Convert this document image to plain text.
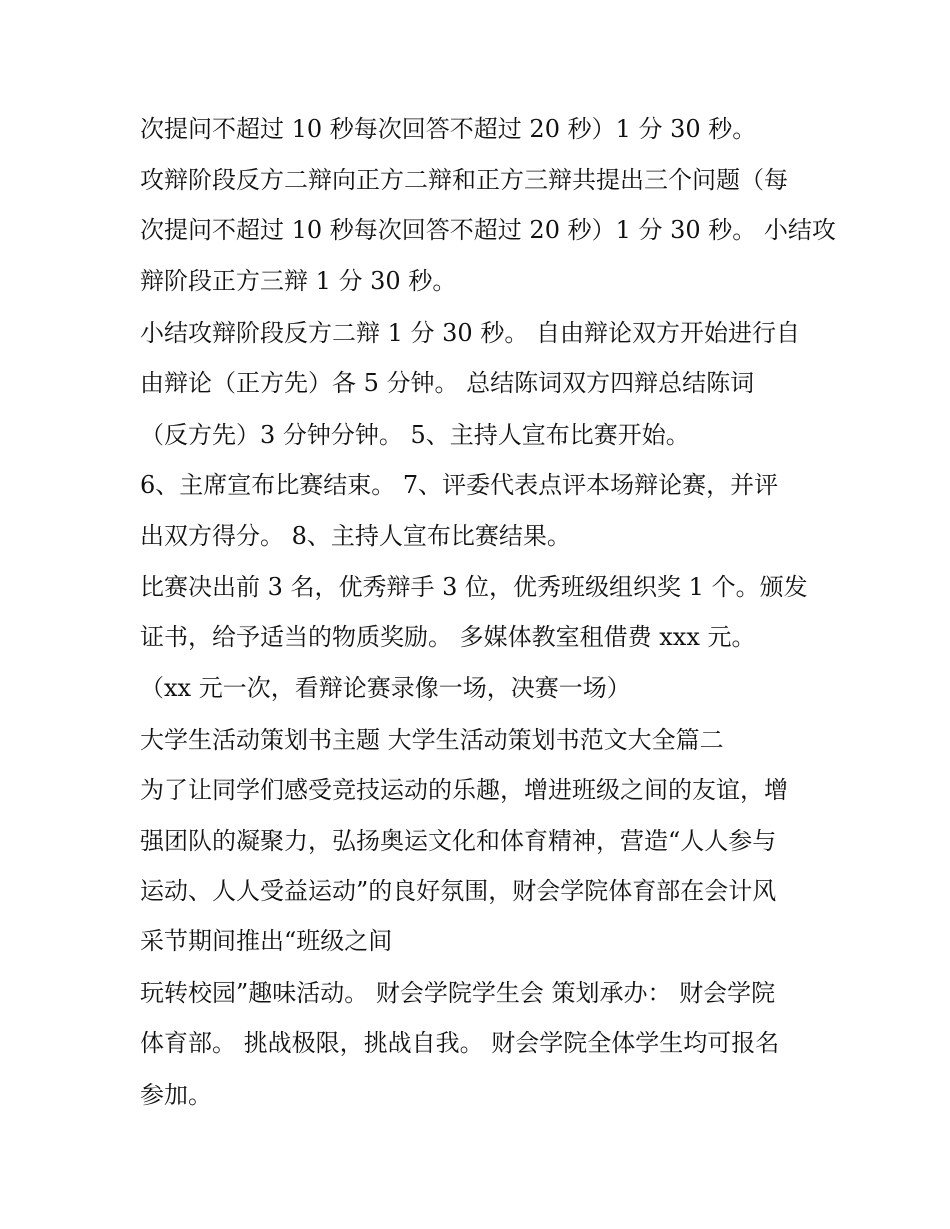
次提问不超过 10 秒每次回答不超过 20 秒）1 分 30 秒。
攻辩阶段反方二辩向正方二辩和正方三辩共提出三个问题（每
次提问不超过 10 秒每次回答不超过 20 秒）1 分 30 秒。 小结攻
辩阶段正方三辩 1 分 30 秒。
小结攻辩阶段反方二辩 1 分 30 秒。 自由辩论双方开始进行自
由辩论（正方先）各 5 分钟。 总结陈词双方四辩总结陈词
（反方先）3 分钟分钟。 5、主持人宣布比赛开始。
6、主席宣布比赛结束。 7、评委代表点评本场辩论赛，并评
出双方得分。 8、主持人宣布比赛结果。
比赛决出前 3 名，优秀辩手 3 位，优秀班级组织奖 1 个。颁发
证书，给予适当的物质奖励。 多媒体教室租借费 xxx 元。
（xx 元一次，看辩论赛录像一场，决赛一场）
大学生活动策划书主题 大学生活动策划书范文大全篇二
为了让同学们感受竞技运动的乐趣，增进班级之间的友谊，增
强团队的凝聚力，弘扬奥运文化和体育精神，营造“人人参与
运动、人人受益运动”的良好氛围，财会学院体育部在会计风
采节期间推出“班级之间
玩转校园”趣味活动。 财会学院学生会 策划承办： 财会学院
体育部。 挑战极限，挑战自我。 财会学院全体学生均可报名
参加。
